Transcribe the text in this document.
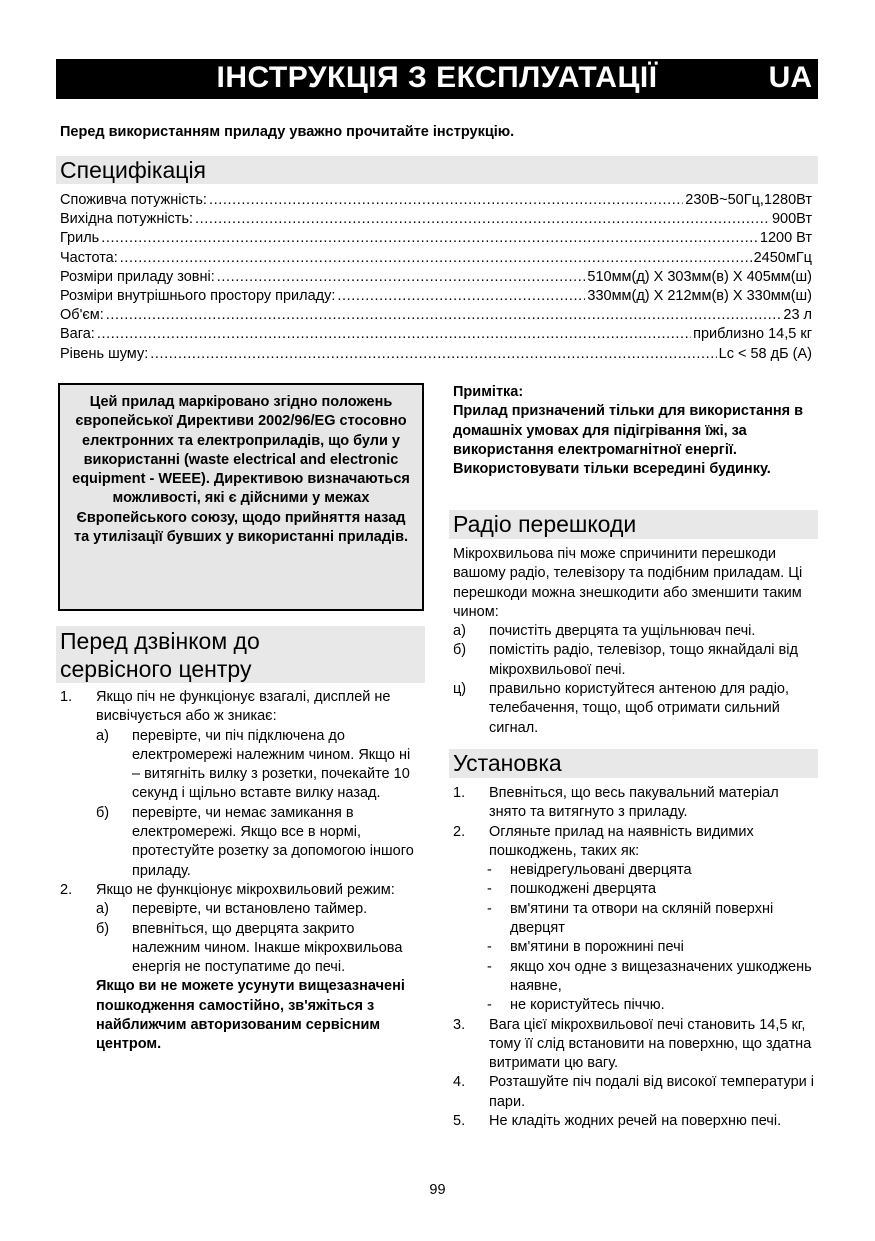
ІНСТРУКЦІЯ З ЕКСПЛУАТАЦІЇ	UA
Перед використанням приладу уважно прочитайте інструкцію.
Специфікація
Споживча потужність: .....	230В~50Гц,1280Вт
Вихідна потужність: .....	900Вт
Гриль .....	1200 Вт
Частота: .....	2450мГц
Розміри приладу зовні: .....	510мм(д) X 303мм(в) X 405мм(ш)
Розміри внутрішнього простору приладу: .....	330мм(д) X 212мм(в) X 330мм(ш)
Об'єм: .....	23 л
Вага: .....	приблизно 14,5 кг
Рівень шуму: .....	Lc < 58 дБ (A)
Цей прилад маркіровано згідно положень європейської Директиви 2002/96/EG стосовно електронних та електроприладів, що були у використанні (waste electrical and electronic equipment - WEEE). Директивою визначаються можливості, які є дійсними у межах Європейського союзу, щодо прийняття назад та утилізації бувших у використанні приладів.
Перед дзвінком до
сервісного центру
1.	Якщо піч не функціонує взагалі, дисплей не висвічується або ж зникає:
а)	перевірте, чи піч підключена до електромережі належним чином. Якщо ні – витягніть вилку з розетки, почекайте 10 секунд і щільно вставте вилку назад.
б)	перевірте, чи немає замикання в електромережі. Якщо все в нормі, протестуйте розетку за допомогою іншого приладу.
2.	Якщо не функціонує мікрохвильовий режим:
а)	перевірте, чи встановлено таймер.
б)	впевніться, що дверцята закрито належним чином. Інакше мікрохвильова енергія не поступатиме до печі.
Якщо ви не можете усунути вищезазначені пошкодження самостійно, зв'яжіться з найближчим авторизованим сервісним центром.
Примітка:
Прилад призначений тільки для використання в домашніх умовах для підігрівання їжі, за використання електромагнітної енергії. Використовувати тільки всередині будинку.
Радіо перешкоди
Мікрохвильова піч може спричинити перешкоди вашому радіо, телевізору та подібним приладам. Ці перешкоди можна знешкодити або зменшити таким чином:
а)	почистіть дверцята та ущільнювач печі.
б)	помістіть радіо, телевізор, тощо якнайдалі від мікрохвильової печі.
ц)	правильно користуйтеся антеною для радіо, телебачення, тощо, щоб отримати сильний сигнал.
Установка
1.	Впевніться, що весь пакувальний матеріал знято та витягнуто з приладу.
2.	Огляньте прилад на наявність видимих пошкоджень, таких як:
-	невідрегульовані дверцята
-	пошкоджені дверцята
-	вм'ятини та отвори на скляній поверхні дверцят
-	вм'ятини в порожнині печі
-	якщо хоч одне з вищезазначених ушкоджень наявне,
-	не користуйтесь піччю.
3.	Вага цієї мікрохвильової печі становить 14,5 кг, тому її слід встановити на поверхню, що здатна витримати цю вагу.
4.	Розташуйте піч подалі від високої температури і пари.
5.	Не кладіть жодних речей на поверхню печі.
99
